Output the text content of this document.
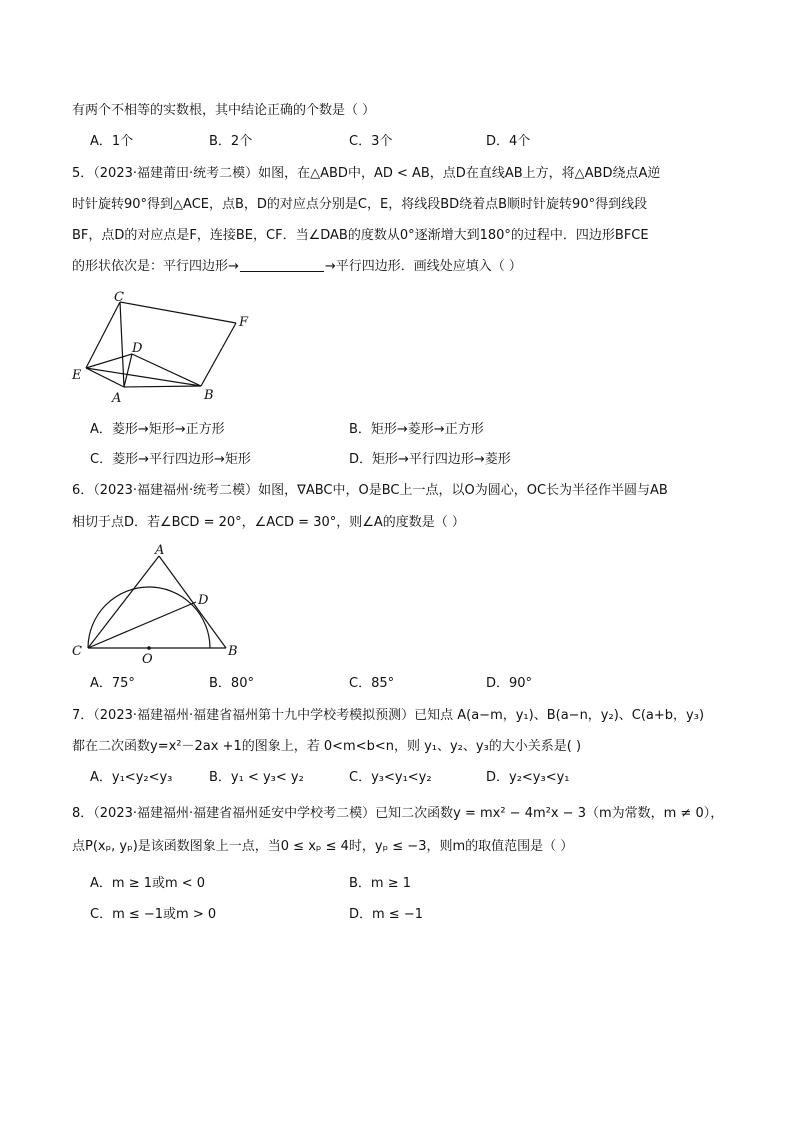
有两个不相等的实数根，其中结论正确的个数是（ ）
A．1个	B．2个	C．3个	D．4个
5．（2023·福建莆田·统考二模）如图，在△ABD中，AD < AB，点D在直线AB上方，将△ABD绕点A逆
时针旋转90°得到△ACE，点B，D的对应点分别是C，E，将线段BD绕着点B顺时针旋转90°得到线段
BF，点D的对应点是F，连接BE，CF．当∠DAB的度数从0°逐渐增大到180°的过程中．四边形BFCE
的形状依次是：平行四边形→	→平行四边形．画线处应填入（ ）
C
F
D
E
A	B
A．菱形→矩形→正方形	B．矩形→菱形→正方形
C．菱形→平行四边形→矩形	D．矩形→平行四边形→菱形
6．（2023·福建福州·统考二模）如图，∇ABC中，O是BC上一点，以O为圆心，OC长为半径作半圆与AB
相切于点D．若∠BCD = 20°，∠ACD = 30°，则∠A的度数是（ ）
A
D
C
O
B
A．75°	B．80°	C．85°	D．90°
7．（2023·福建福州·福建省福州第十九中学校考模拟预测）已知点 A(a−m，y₁)、B(a−n，y₂)、C(a+b，y₃)
都在二次函数y=x²－2ax +1的图象上，若 0<m<b<n，则 y₁、y₂、y₃的大小关系是( )
A．y₁<y₂<y₃	B．y₁ < y₃< y₂	C．y₃<y₁<y₂	D．y₂<y₃<y₁
8．（2023·福建福州·福建省福州延安中学校考二模）已知二次函数y = mx² − 4m²x − 3（m为常数，m ≠ 0），
点P(xₚ, yₚ)是该函数图象上一点，当0 ≤ xₚ ≤ 4时，yₚ ≤ −3，则m的取值范围是（ ）
A．m ≥ 1或m < 0	B．m ≥ 1
C．m ≤ −1或m > 0	D．m ≤ −1
